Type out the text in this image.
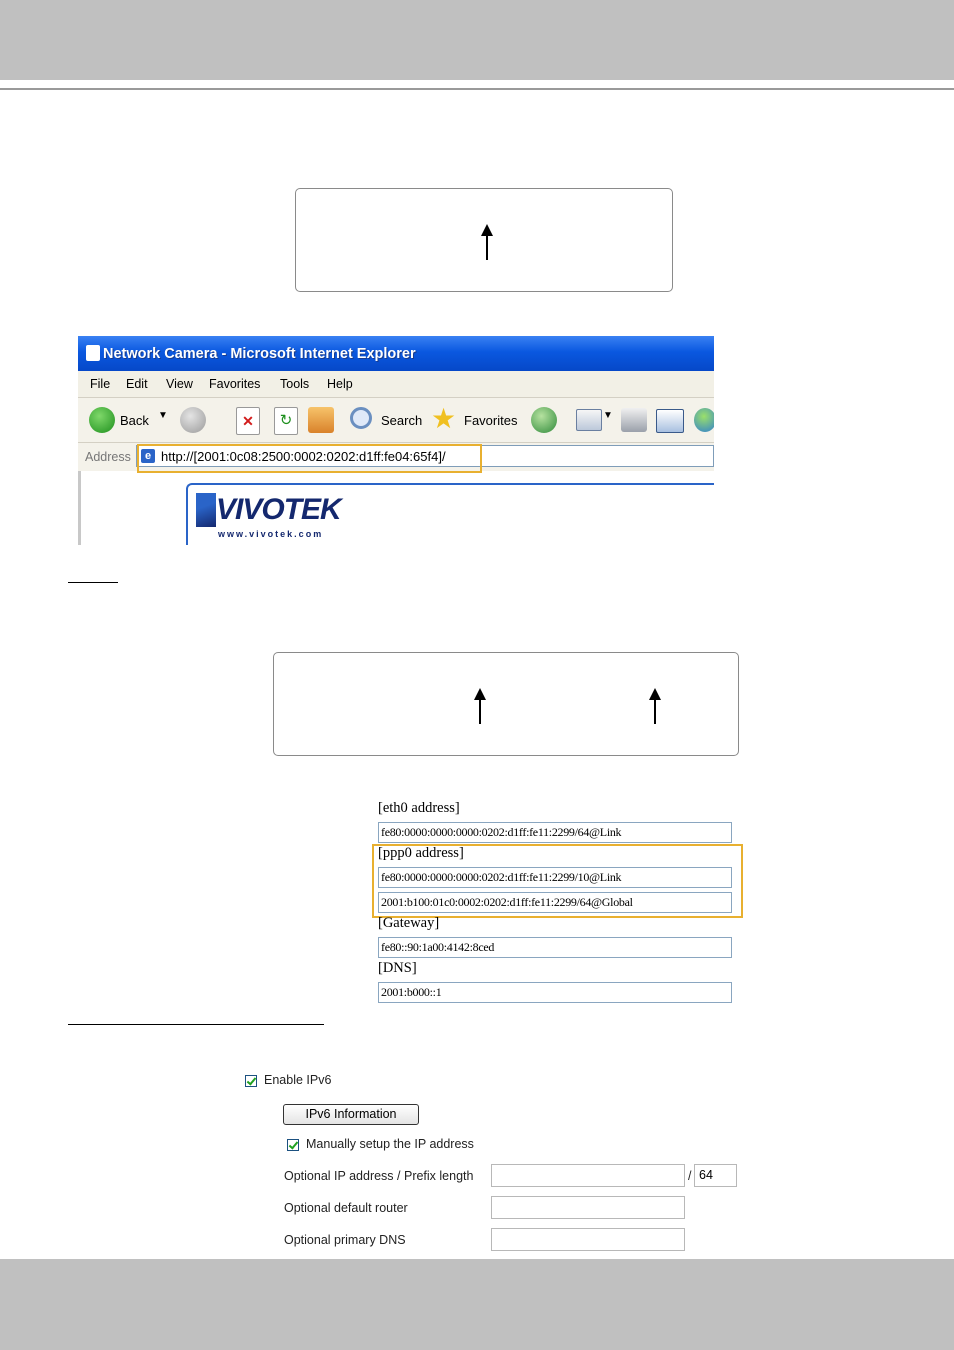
Network Camera - Microsoft Internet Explorer
File Edit View Favorites Tools Help
Back ▼	✕	↻	Search ★ Favorites	▼
Address	e http://[2001:0c08:2500:0002:0202:d1ff:fe04:65f4]/
VIVOTEK
www.vivotek.com
[eth0 address]
fe80:0000:0000:0000:0202:d1ff:fe11:2299/64@Link
[ppp0 address]
fe80:0000:0000:0000:0202:d1ff:fe11:2299/10@Link
2001:b100:01c0:0002:0202:d1ff:fe11:2299/64@Global
[Gateway]
fe80::90:1a00:4142:8ced
[DNS]
2001:b000::1
Enable IPv6
IPv6 Information
Manually setup the IP address
Optional IP address / Prefix length	/ 64
Optional default router
Optional primary DNS
